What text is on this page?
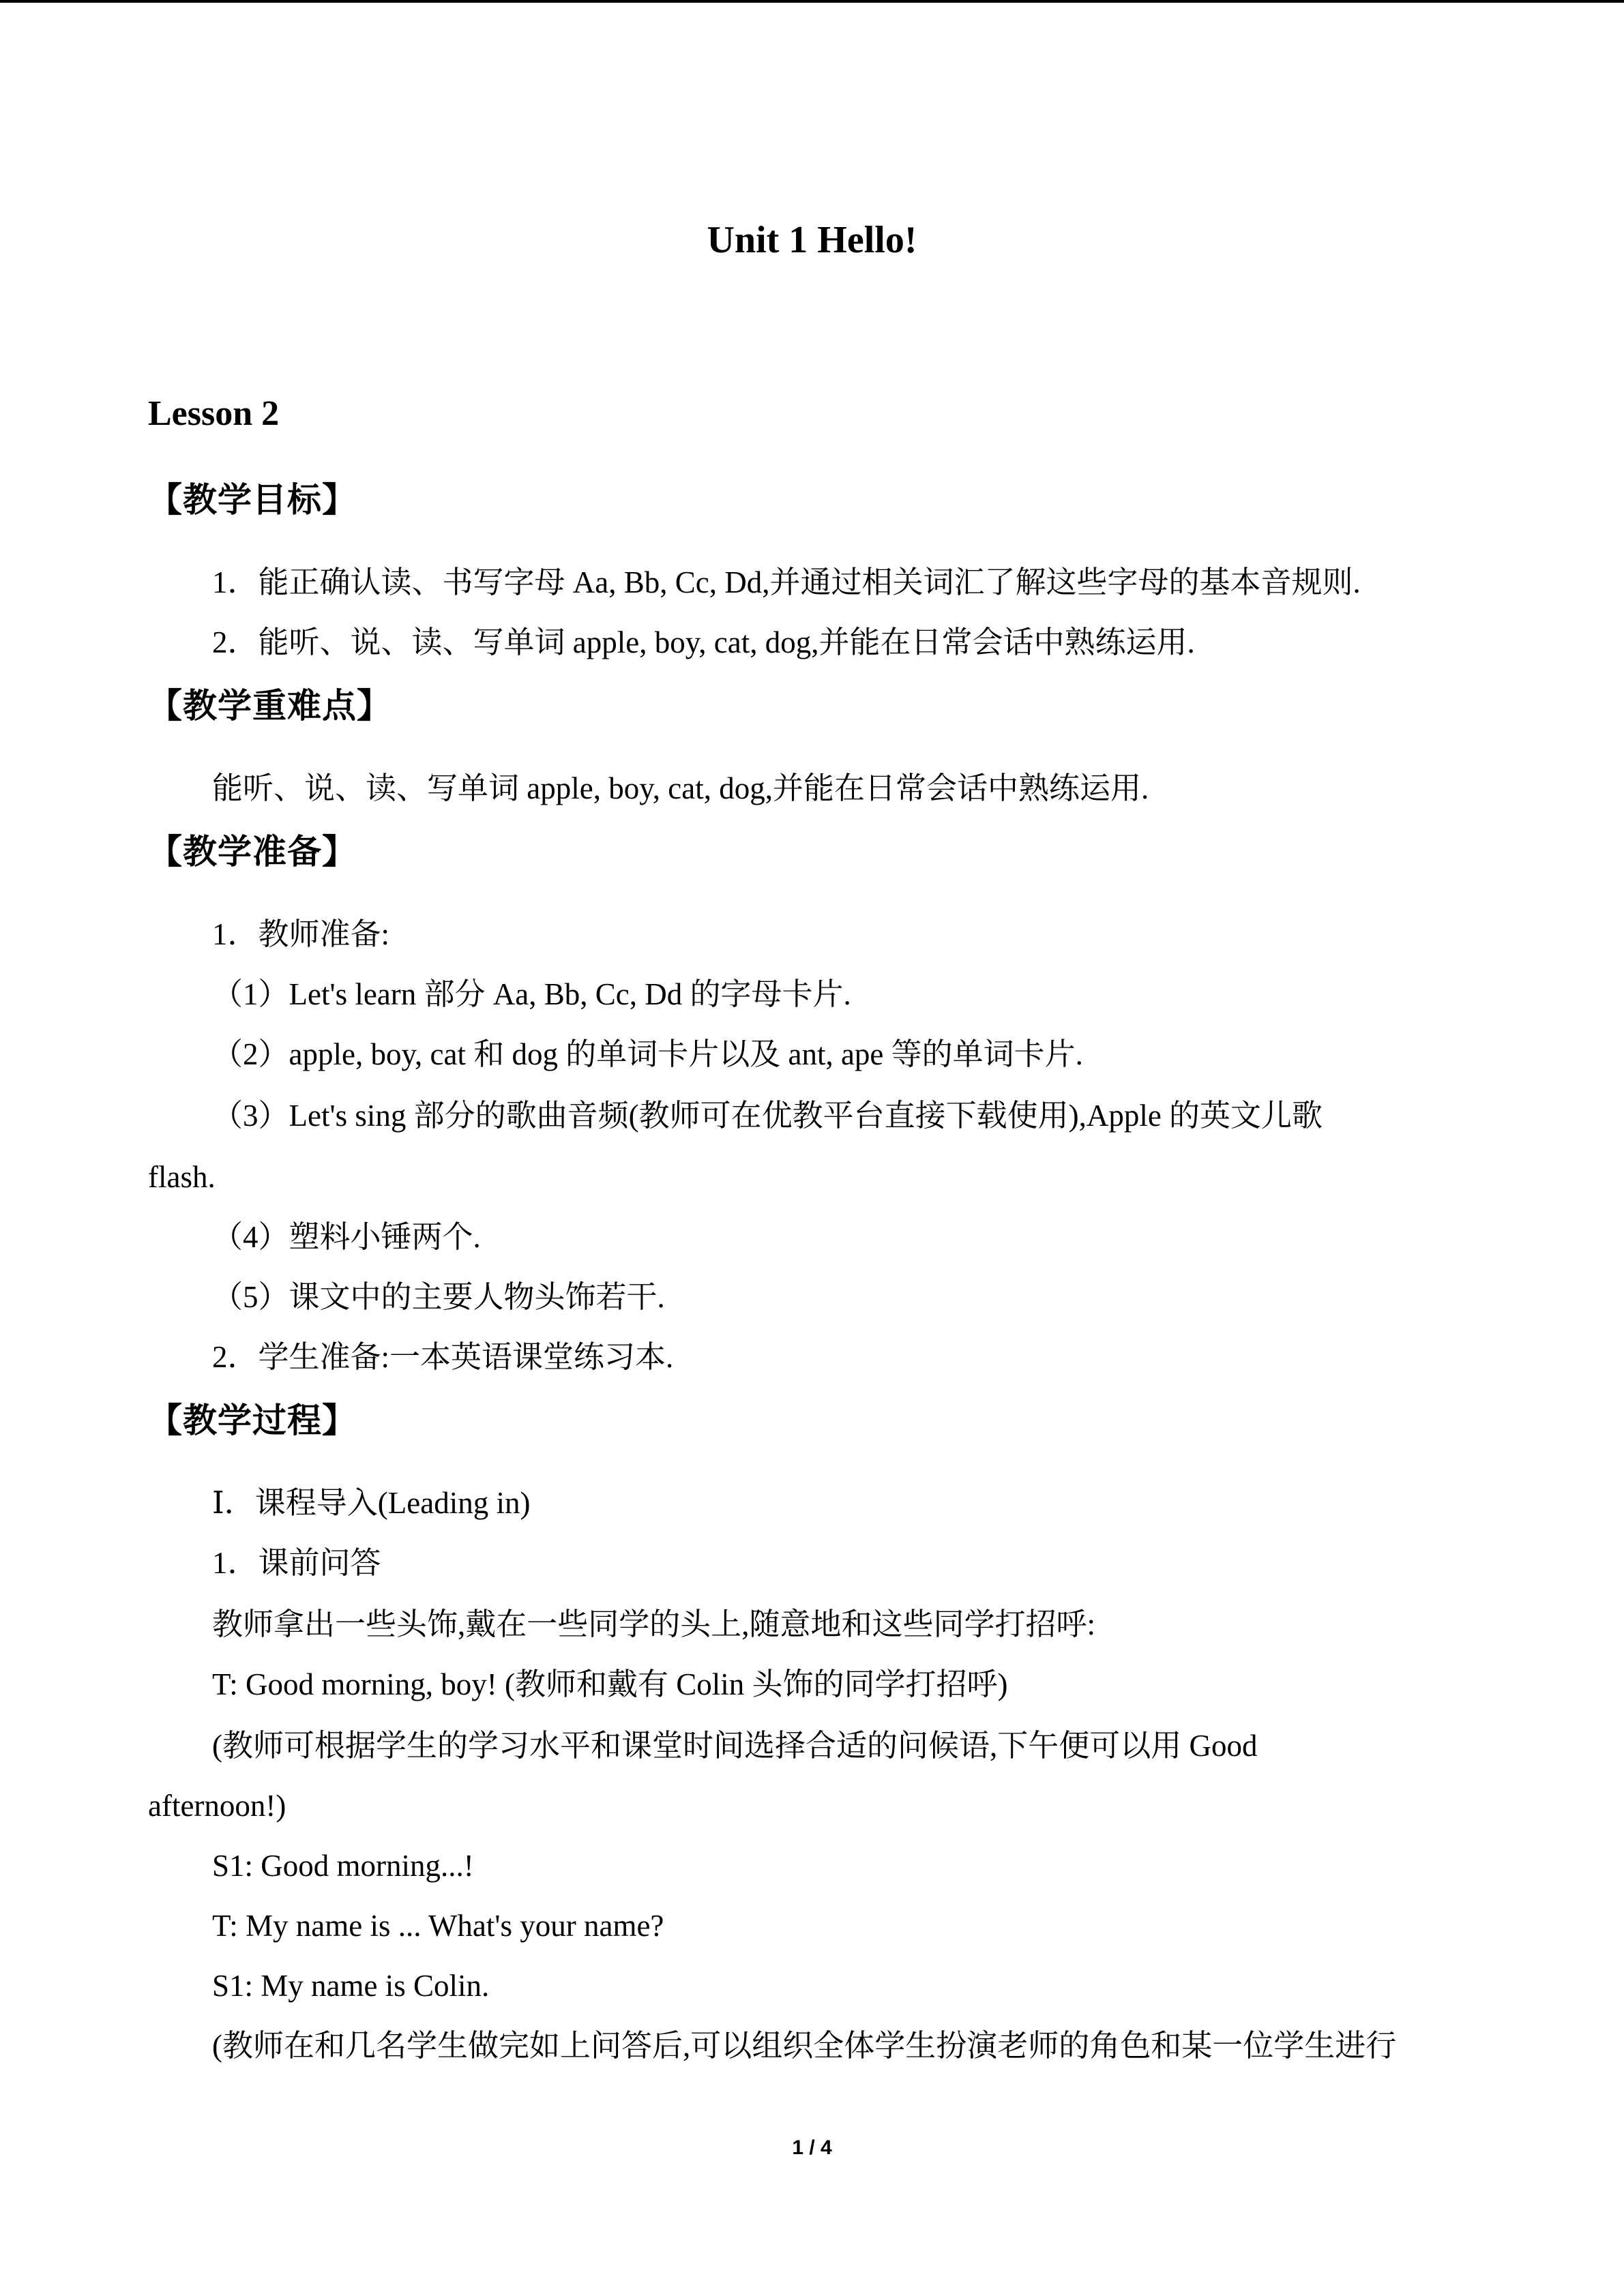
Unit 1 Hello!
Lesson 2
【教学目标】
1．能正确认读、书写字母 Aa, Bb, Cc, Dd,并通过相关词汇了解这些字母的基本音规则.
2．能听、说、读、写单词 apple, boy, cat, dog,并能在日常会话中熟练运用.
【教学重难点】
能听、说、读、写单词 apple, boy, cat, dog,并能在日常会话中熟练运用.
【教学准备】
1．教师准备:
（1）Let's learn 部分 Aa, Bb, Cc, Dd 的字母卡片.
（2）apple, boy, cat 和 dog 的单词卡片以及 ant, ape 等的单词卡片.
（3）Let's sing 部分的歌曲音频(教师可在优教平台直接下载使用),Apple 的英文儿歌
flash.
（4）塑料小锤两个.
（5）课文中的主要人物头饰若干.
2．学生准备:一本英语课堂练习本.
【教学过程】
Ⅰ．课程导入(Leading in)
1．课前问答
教师拿出一些头饰,戴在一些同学的头上,随意地和这些同学打招呼:
T: Good morning, boy! (教师和戴有 Colin 头饰的同学打招呼)
(教师可根据学生的学习水平和课堂时间选择合适的问候语,下午便可以用 Good
afternoon!)
S1: Good morning...!
T: My name is ... What's your name?
S1: My name is Colin.
(教师在和几名学生做完如上问答后,可以组织全体学生扮演老师的角色和某一位学生进行
1 / 4
